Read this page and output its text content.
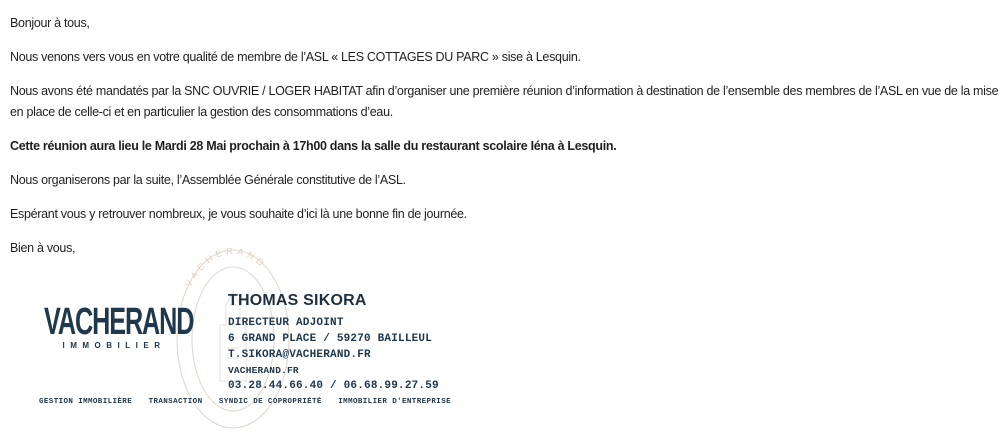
Bonjour à tous,

Nous venons vers vous en votre qualité de membre de l’ASL « LES COTTAGES DU PARC » sise à Lesquin.

Nous avons été mandatés par la SNC OUVRIE / LOGER HABITAT afin d’organiser une première réunion d’information à destination de l’ensemble des membres de l’ASL en vue de la mise
en place de celle-ci et en particulier la gestion des consommations d’eau.

Cette réunion aura lieu le Mardi 28 Mai prochain à 17h00 dans la salle du restaurant scolaire Iéna à Lesquin.

Nous organiserons par la suite, l’Assemblée Générale constitutive de l’ASL.

Espérant vous y retrouver nombreux, je vous souhaite d’ici là une bonne fin de journée.

Bien à vous,

VACHERAND
VACHERAND
IMMOBILIER
THOMAS SIKORA
DIRECTEUR ADJOINT
6 GRAND PLACE / 59270 BAILLEUL
T.SIKORA@VACHERAND.FR
VACHERAND.FR
03.28.44.66.40 / 06.68.99.27.59
GESTION IMMOBILIÈRE TRANSACTION SYNDIC DE COPROPRIÉTÉ IMMOBILIER D'ENTREPRISE
